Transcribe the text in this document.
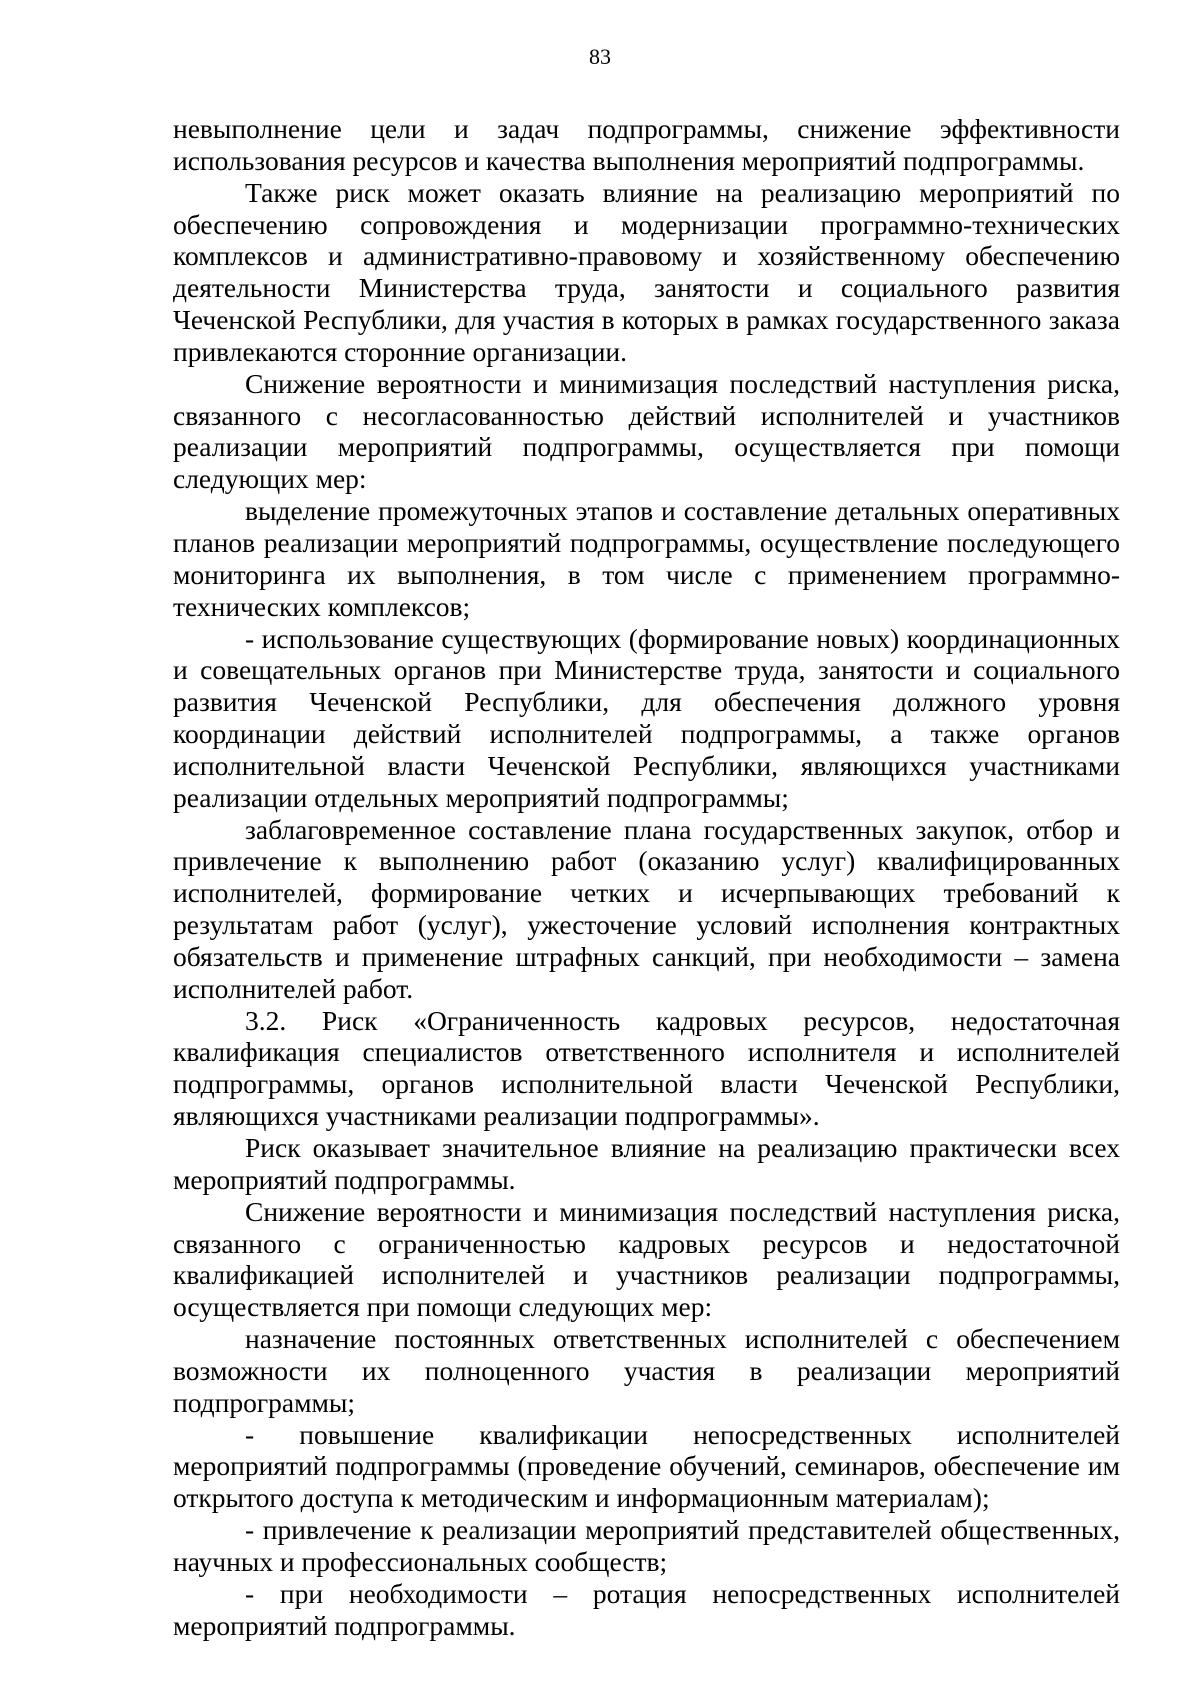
83

невыполнение цели и задач подпрограммы, снижение эффективности использования ресурсов и качества выполнения мероприятий подпрограммы.

Также риск может оказать влияние на реализацию мероприятий по обеспечению сопровождения и модернизации программно-технических комплексов и административно-правовому и хозяйственному обеспечению деятельности Министерства труда, занятости и социального развития Чеченской Республики, для участия в которых в рамках государственного заказа привлекаются сторонние организации.

Снижение вероятности и минимизация последствий наступления риска, связанного с несогласованностью действий исполнителей и участников реализации мероприятий подпрограммы, осуществляется при помощи следующих мер:

выделение промежуточных этапов и составление детальных оперативных планов реализации мероприятий подпрограммы, осуществление последующего мониторинга их выполнения, в том числе с применением программно-технических комплексов;

- использование существующих (формирование новых) координационных и совещательных органов при Министерстве труда, занятости и социального развития Чеченской Республики, для обеспечения должного уровня координации действий исполнителей подпрограммы, а также органов исполнительной власти Чеченской Республики, являющихся участниками реализации отдельных мероприятий подпрограммы;

заблаговременное составление плана государственных закупок, отбор и привлечение к выполнению работ (оказанию услуг) квалифицированных исполнителей, формирование четких и исчерпывающих требований к результатам работ (услуг), ужесточение условий исполнения контрактных обязательств и применение штрафных санкций, при необходимости – замена исполнителей работ.

3.2. Риск «Ограниченность кадровых ресурсов, недостаточная квалификация специалистов ответственного исполнителя и исполнителей подпрограммы, органов исполнительной власти Чеченской Республики, являющихся участниками реализации подпрограммы».

Риск оказывает значительное влияние на реализацию практически всех мероприятий подпрограммы.

Снижение вероятности и минимизация последствий наступления риска, связанного с ограниченностью кадровых ресурсов и недостаточной квалификацией исполнителей и участников реализации подпрограммы, осуществляется при помощи следующих мер:

назначение постоянных ответственных исполнителей с обеспечением возможности их полноценного участия в реализации мероприятий подпрограммы;

- повышение квалификации непосредственных исполнителей мероприятий подпрограммы (проведение обучений, семинаров, обеспечение им открытого доступа к методическим и информационным материалам);

- привлечение к реализации мероприятий представителей общественных, научных и профессиональных сообществ;

- при необходимости – ротация непосредственных исполнителей мероприятий подпрограммы.
